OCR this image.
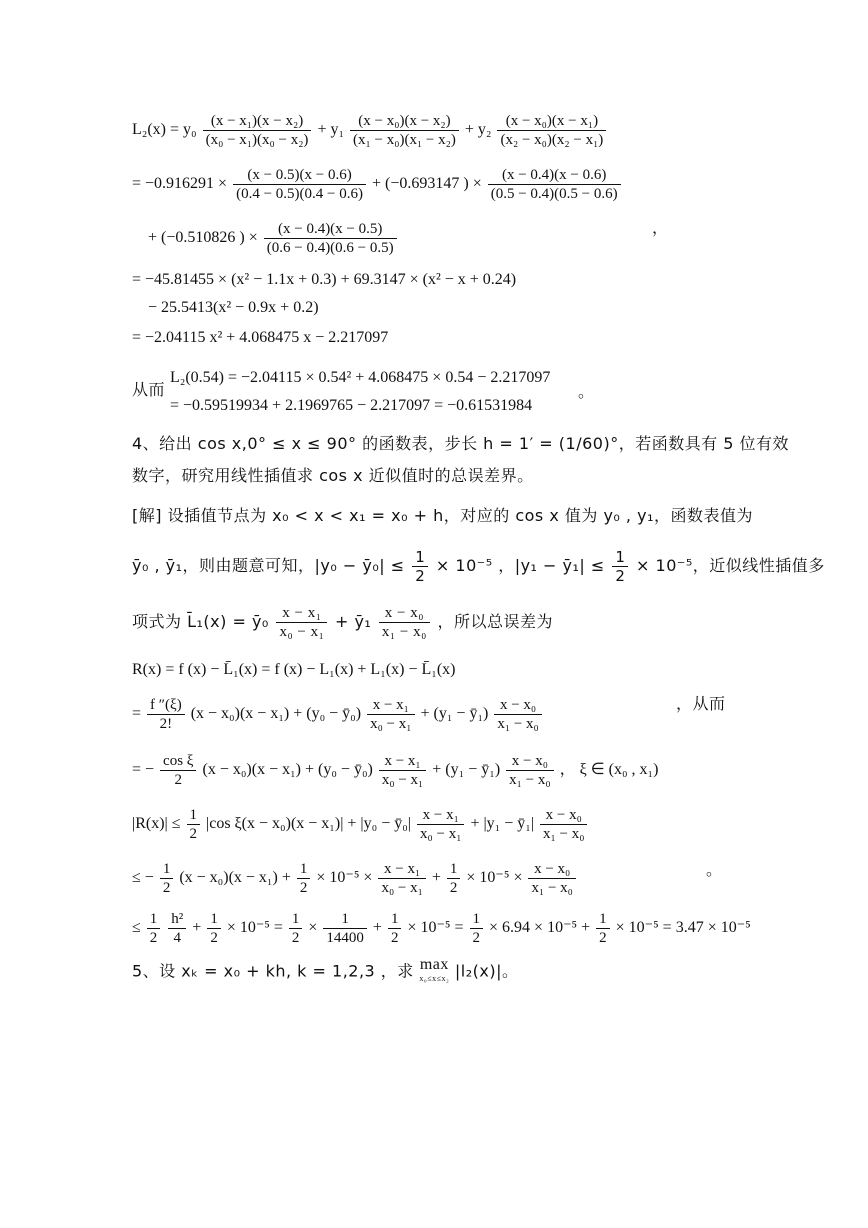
$L_2(x) = y_0 \frac{\text{(x − x₁)(x − x₂)}}{\text{(x₀ − x₁)(x₀ − x₂)}} + y_1 \frac{\text{(x − x₀)(x − x₂)}}{\text{(x₁ − x₀)(x₁ − x₂)}} + y_2 \frac{\text{(x − x₀)(x − x₁)}}{\text{(x₂ − x₀)(x₂ − x₁)}}$
= $-0.916291 \times \frac{(x - 0.5)(x - 0.6)}{(0.4 - 0.5)(0.4 - 0.6)} + (-0.693147$ ) × $\frac{(x - 0.4)(x - 0.6)}{(0.5 - 0.4)(0.5 - 0.6)}$
+ (−0.510826 ) × $\frac{(x - 0.4)(x - 0.5)}{(0.6 - 0.4)(0.6 - 0.5)}$	，
= −45.81455 × (x² − 1.1x + 0.3) + 69.3147 × (x² − x + 0.24)
− 25.5413(x² − 0.9x + 0.2)
= −2.04115 x² + 4.068475 x − 2.217097
从而
L₂(0.54) = −2.04115 × 0.54² + 4.068475 × 0.54 − 2.217097
= −0.59519934 + 2.1969765 − 2.217097 = −0.61531984
。
4、给出 cos x,0° ≤ x ≤ 90° 的函数表，步长 h = 1′ = (1/60)°，若函数具有 5 位有效
数字，研究用线性插值求 cos x 近似值时的总误差界。
[解] 设插值节点为 x₀ < x < x₁ = x₀ + h，对应的 cos x 值为 y₀ , y₁，函数表值为
ȳ₀ , ȳ₁，则由题意可知，|y₀ − ȳ₀| ≤ $\frac{1}{2} \times 10^{-5}$ ，|y₁ − ȳ₁| ≤ $\frac{1}{2} \times 10^{-5}$，近似线性插值多
项式为 L̄₁(x) = ȳ₀ $\frac{\text{x − x₁}}{\text{x₀ − x₁}}$ + ȳ₁ $\frac{\text{x − x₀}}{\text{x₁ − x₀}}$ ，所以总误差为
R(x) = f (x) − L̄₁(x) = f (x) − L₁(x) + L₁(x) − L̄₁(x)
= $\frac{f ''(\xi)}{2!} (x - x_0)(x - x_1) + (y_0$ − ȳ₀) $\frac{\text{x − x₁}}{\text{x₀ − x₁}} + (y_1$ − ȳ₁) $\frac{\text{x − x₀}}{\text{x₁ − x₀}}$	，从而
= − $\frac{\text{cos ξ}}{2} (x - x_0)(x - x_1) + (y_0$ − ȳ₀) $\frac{\text{x − x₁}}{\text{x₀ − x₁}} + (y_1$ − ȳ₁) $\frac{\text{x − x₀}}{\text{x₁ − x₀}}$ ， ξ ∈ (x₀ , x₁)
$|R(x)| \le \frac{1}{2} |\cos$ ξ(x − x₀)(x − x₁)| + |y₀ − ȳ₀| $\frac{\text{x − x₁}}{\text{x₀ − x₁}} + |y_1$ − ȳ₁| $\frac{\text{x − x₀}}{\text{x₁ − x₀}}$
≤ − $\frac{1}{2} (x - x_0)(x - x_1) + \frac{1}{2} \times 10^{-5} \times \frac{\text{x − x₁}}{\text{x₀ − x₁}} + \frac{1}{2} \times 10^{-5} \times \frac{\text{x − x₀}}{\text{x₁ − x₀}}$	。
≤ $\frac{1}{2}$
$\frac{\text{h²}}{4} + \frac{1}{2} \times 10^{-5} = \frac{1}{2} \times \frac{1}{14400} + \frac{1}{2} \times 10^{-5} = \frac{1}{2} \times 6.94 \times 10^{-5} + \frac{1}{2} \times 10^{-5} = 3.47 \times 10^{-5}$
5、设 xₖ = x₀ + kh, k = 1,2,3 ，求 max
x₀≤x≤x₂ |l₂(x)|。
